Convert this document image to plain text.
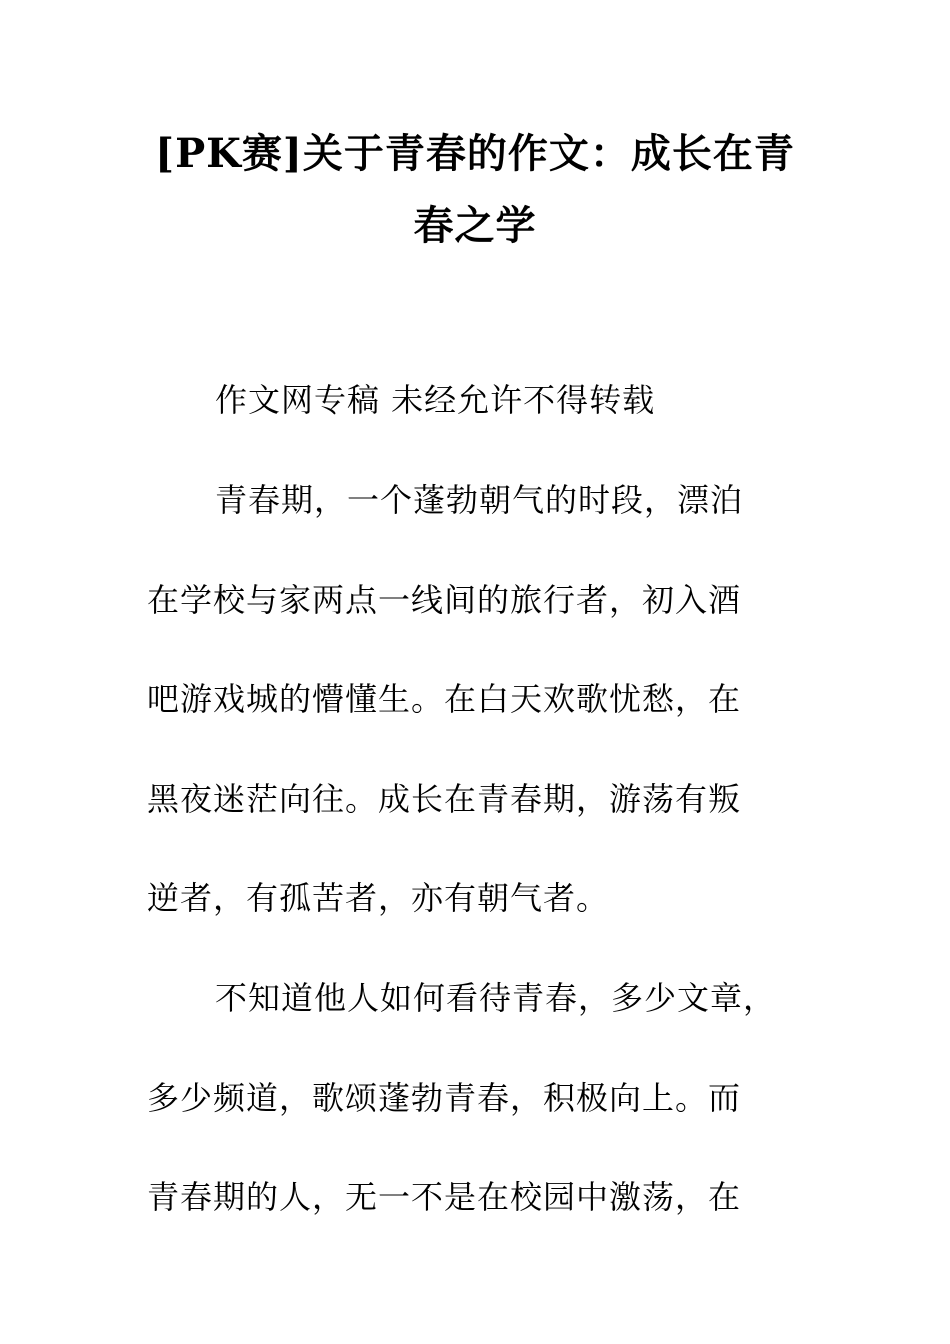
[PK赛]关于青春的作文：成长在青
春之学
作文网专稿 未经允许不得转载
青春期，一个蓬勃朝气的时段，漂泊
在学校与家两点一线间的旅行者，初入酒
吧游戏城的懵懂生。在白天欢歌忧愁，在
黑夜迷茫向往。成长在青春期，游荡有叛
逆者，有孤苦者，亦有朝气者。
不知道他人如何看待青春，多少文章，
多少频道，歌颂蓬勃青春，积极向上。而
青春期的人，无一不是在校园中激荡，在
